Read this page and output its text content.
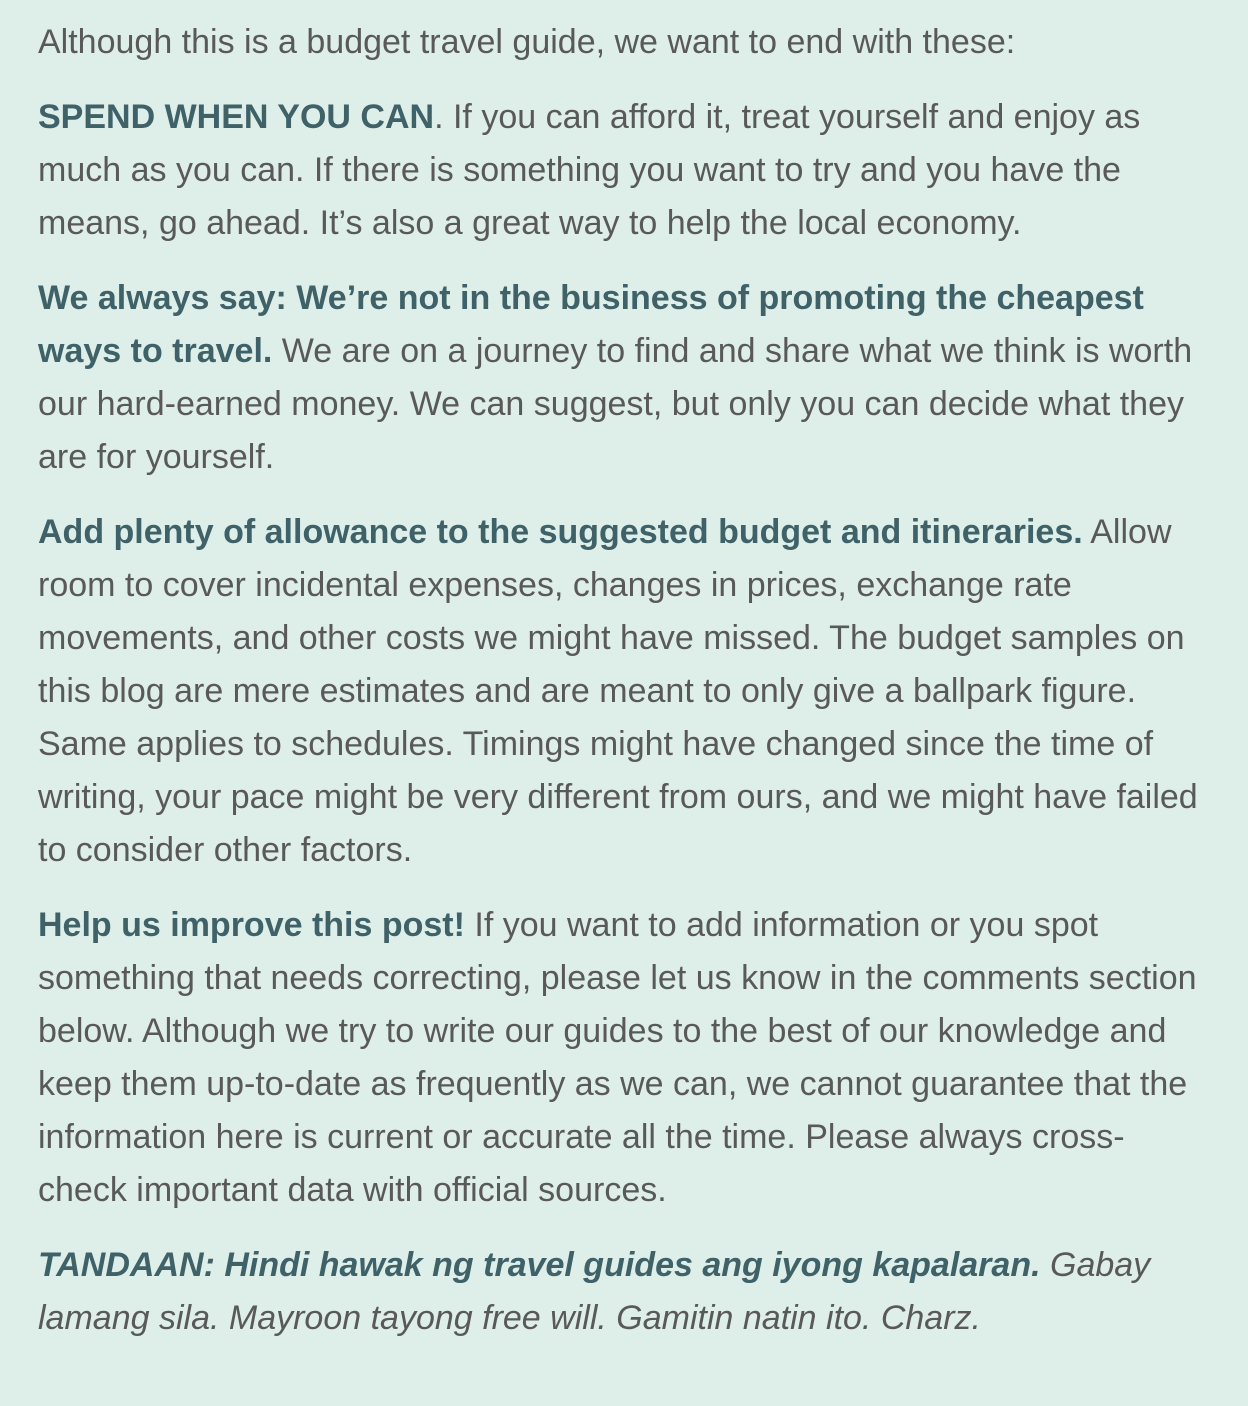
Although this is a budget travel guide, we want to end with these:

SPEND WHEN YOU CAN. If you can afford it, treat yourself and enjoy as much as you can. If there is something you want to try and you have the means, go ahead. It’s also a great way to help the local economy.

We always say: We’re not in the business of promoting the cheapest ways to travel. We are on a journey to find and share what we think is worth our hard-earned money. We can suggest, but only you can decide what they are for yourself.

Add plenty of allowance to the suggested budget and itineraries. Allow room to cover incidental expenses, changes in prices, exchange rate movements, and other costs we might have missed. The budget samples on this blog are mere estimates and are meant to only give a ballpark figure. Same applies to schedules. Timings might have changed since the time of writing, your pace might be very different from ours, and we might have failed to consider other factors.

Help us improve this post! If you want to add information or you spot something that needs correcting, please let us know in the comments section below. Although we try to write our guides to the best of our knowledge and keep them up-to-date as frequently as we can, we cannot guarantee that the information here is current or accurate all the time. Please always cross-check important data with official sources.

TANDAAN: Hindi hawak ng travel guides ang iyong kapalaran. Gabay lamang sila. Mayroon tayong free will. Gamitin natin ito. Charz.
